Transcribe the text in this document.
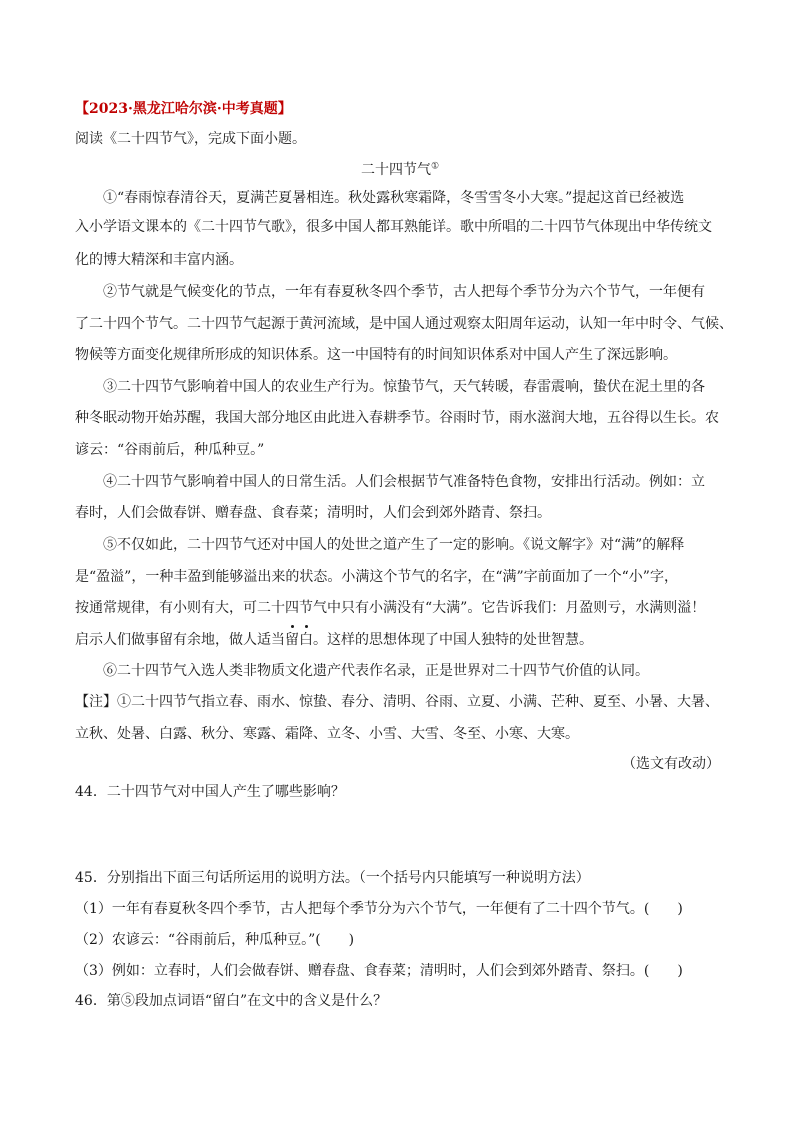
【2023·黑龙江哈尔滨·中考真题】
阅读《二十四节气》，完成下面小题。
二十四节气①
①“春雨惊春清谷天，夏满芒夏暑相连。秋处露秋寒霜降，冬雪雪冬小大寒。”提起这首已经被选
入小学语文课本的《二十四节气歌》，很多中国人都耳熟能详。歌中所唱的二十四节气体现出中华传统文
化的博大精深和丰富内涵。
②节气就是气候变化的节点，一年有春夏秋冬四个季节，古人把每个季节分为六个节气，一年便有
了二十四个节气。二十四节气起源于黄河流域，是中国人通过观察太阳周年运动，认知一年中时令、气候、
物候等方面变化规律所形成的知识体系。这一中国特有的时间知识体系对中国人产生了深远影响。
③二十四节气影响着中国人的农业生产行为。惊蛰节气，天气转暖，春雷震响，蛰伏在泥土里的各
种冬眠动物开始苏醒，我国大部分地区由此进入春耕季节。谷雨时节，雨水滋润大地，五谷得以生长。农
谚云：“谷雨前后，种瓜种豆。”
④二十四节气影响着中国人的日常生活。人们会根据节气准备特色食物，安排出行活动。例如：立
春时，人们会做春饼、赠春盘、食春菜；清明时，人们会到郊外踏青、祭扫。
⑤不仅如此，二十四节气还对中国人的处世之道产生了一定的影响。《说文解字》对“满”的解释
是“盈溢”，一种丰盈到能够溢出来的状态。小满这个节气的名字，在“满”字前面加了一个“小”字，
按通常规律，有小则有大，可二十四节气中只有小满没有“大满”。它告诉我们：月盈则亏，水满则溢！
启示人们做事留有余地，做人适当留白。这样的思想体现了中国人独特的处世智慧。
⑥二十四节气入选人类非物质文化遗产代表作名录，正是世界对二十四节气价值的认同。
【注】①二十四节气指立春、雨水、惊蛰、春分、清明、谷雨、立夏、小满、芒种、夏至、小暑、大暑、
立秋、处暑、白露、秋分、寒露、霜降、立冬、小雪、大雪、冬至、小寒、大寒。
（选文有改动）
44．二十四节气对中国人产生了哪些影响？
45．分别指出下面三句话所运用的说明方法。（一个括号内只能填写一种说明方法）
（1）一年有春夏秋冬四个季节，古人把每个季节分为六个节气，一年便有了二十四个节气。(　　)
（2）农谚云：“谷雨前后，种瓜种豆。”(　　)
（3）例如：立春时，人们会做春饼、赠春盘、食春菜；清明时，人们会到郊外踏青、祭扫。(　　)
46．第⑤段加点词语“留白”在文中的含义是什么？
